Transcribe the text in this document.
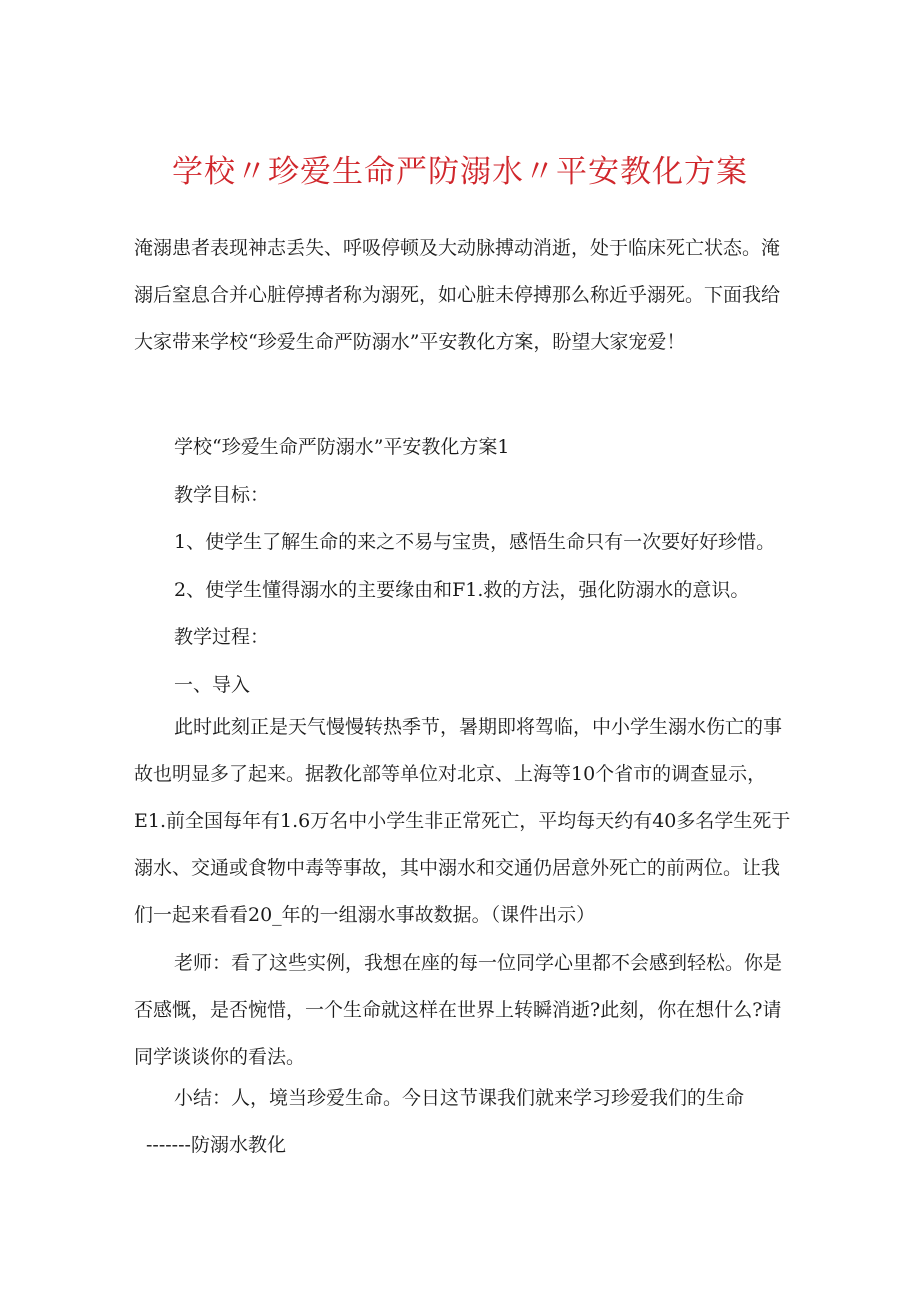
学校〃珍爱生命严防溺水〃平安教化方案

淹溺患者表现神志丢失、呼吸停顿及大动脉搏动消逝，处于临床死亡状态。淹溺后窒息合并心脏停搏者称为溺死，如心脏未停搏那么称近乎溺死。下面我给大家带来学校“珍爱生命严防溺水”平安教化方案，盼望大家宠爱！

学校“珍爱生命严防溺水”平安教化方案1

教学目标：

1、使学生了解生命的来之不易与宝贵，感悟生命只有一次要好好珍惜。

2、使学生懂得溺水的主要缘由和F1.救的方法，强化防溺水的意识。

教学过程：

一、导入

此时此刻正是天气慢慢转热季节，暑期即将驾临，中小学生溺水伤亡的事故也明显多了起来。据教化部等单位对北京、上海等10个省市的调查显示，E1.前全国每年有1.6万名中小学生非正常死亡，平均每天约有40多名学生死于溺水、交通或食物中毒等事故，其中溺水和交通仍居意外死亡的前两位。让我们一起来看看20_年的一组溺水事故数据。（课件出示）

老师：看了这些实例，我想在座的每一位同学心里都不会感到轻松。你是否感慨，是否惋惜，一个生命就这样在世界上转瞬消逝?此刻，你在想什么?请同学谈谈你的看法。

小结：人，境当珍爱生命。今日这节课我们就来学习珍爱我们的生命

-------防溺水教化
